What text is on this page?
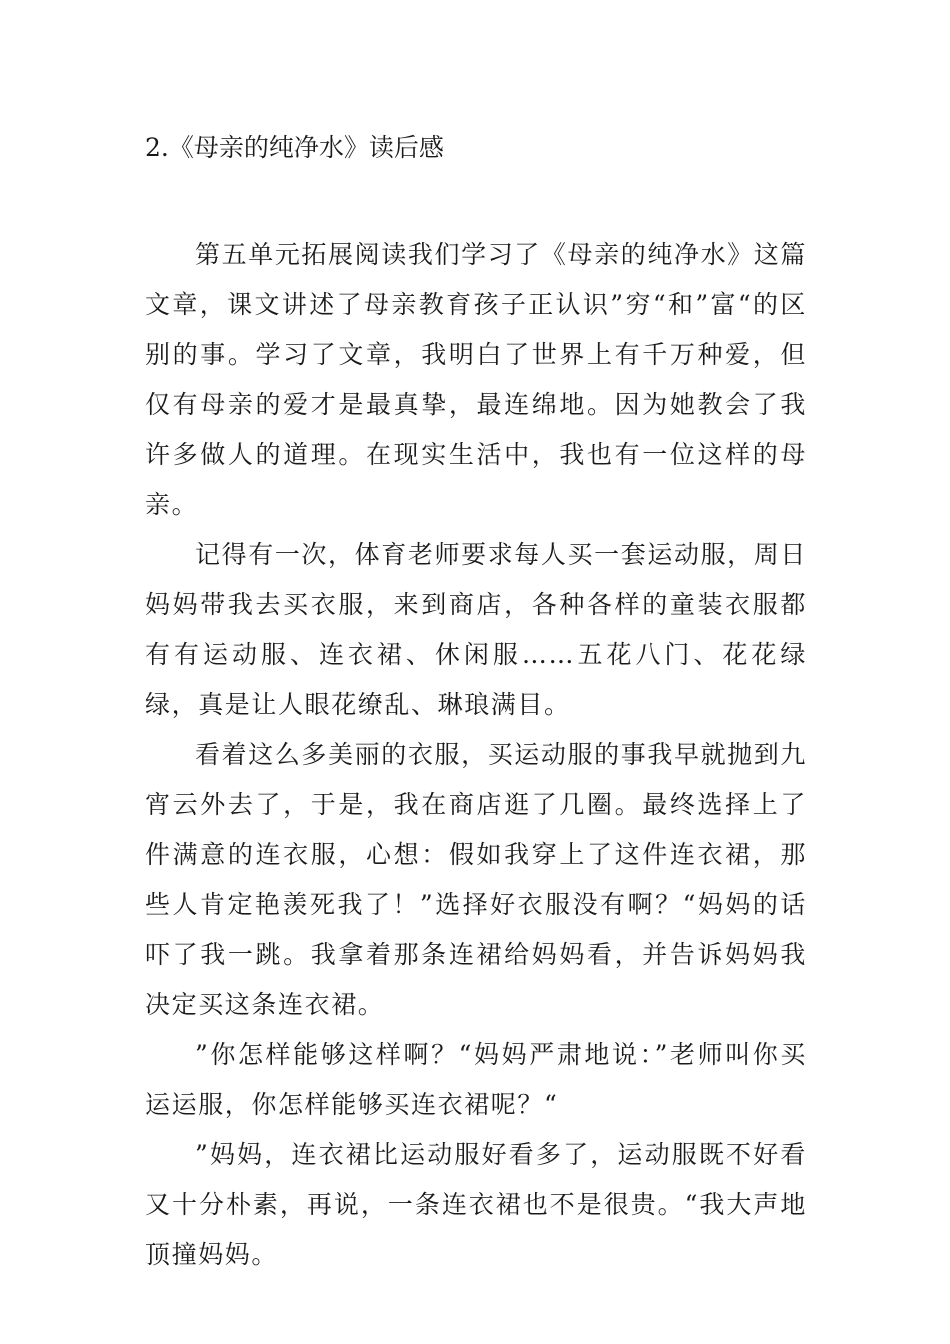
2.《母亲的纯净水》读后感

第五单元拓展阅读我们学习了《母亲的纯净水》这篇文章，课文讲述了母亲教育孩子正认识”穷“和”富“的区别的事。学习了文章，我明白了世界上有千万种爱，但仅有母亲的爱才是最真挚，最连绵地。因为她教会了我许多做人的道理。在现实生活中，我也有一位这样的母亲。

记得有一次，体育老师要求每人买一套运动服，周日妈妈带我去买衣服，来到商店，各种各样的童装衣服都有有运动服、连衣裙、休闲服……五花八门、花花绿绿，真是让人眼花缭乱、琳琅满目。

看着这么多美丽的衣服，买运动服的事我早就抛到九宵云外去了，于是，我在商店逛了几圈。最终选择上了件满意的连衣服，心想：假如我穿上了这件连衣裙，那些人肯定艳羡死我了！”选择好衣服没有啊？“妈妈的话吓了我一跳。我拿着那条连裙给妈妈看，并告诉妈妈我决定买这条连衣裙。

”你怎样能够这样啊？“妈妈严肃地说：”老师叫你买运运服，你怎样能够买连衣裙呢？“

”妈妈，连衣裙比运动服好看多了，运动服既不好看又十分朴素，再说，一条连衣裙也不是很贵。“我大声地顶撞妈妈。
